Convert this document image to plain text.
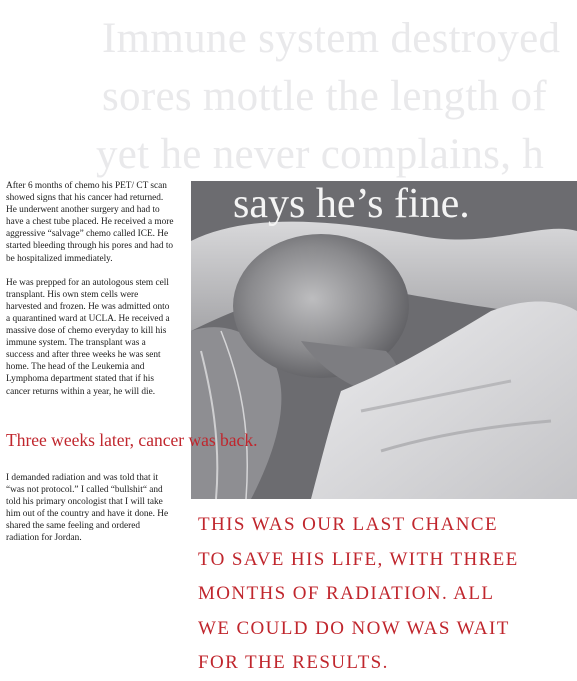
Immune system destroyed
sores mottle the length of
yet he never complains, h
says he’s fine.

After 6 months of chemo his PET/ CT scan showed signs that his cancer had returned. He underwent another surgery and had to have a chest tube placed. He received a more aggressive “salvage” chemo called ICE. He started bleeding through his pores and had to be hospitalized immediately.

He was prepped for an autologous stem cell transplant. His own stem cells were harvested and frozen. He was admitted onto a quarantined ward at UCLA. He received a massive dose of chemo everyday to kill his immune system. The transplant was a success and after three weeks he was sent home. The head of the Leukemia and Lymphoma department stated that if his cancer returns within a year, he will die.

Three weeks later, cancer was back.

I demanded radiation and was told that it “was not protocol.” I called “bullshit“ and told his primary oncologist that I will take him out of the country and have it done. He shared the same feeling and ordered radiation for Jordan.

THIS WAS OUR LAST CHANCE
TO SAVE HIS LIFE, WITH THREE
MONTHS OF RADIATION. ALL
WE COULD DO NOW WAS WAIT
FOR THE RESULTS.
